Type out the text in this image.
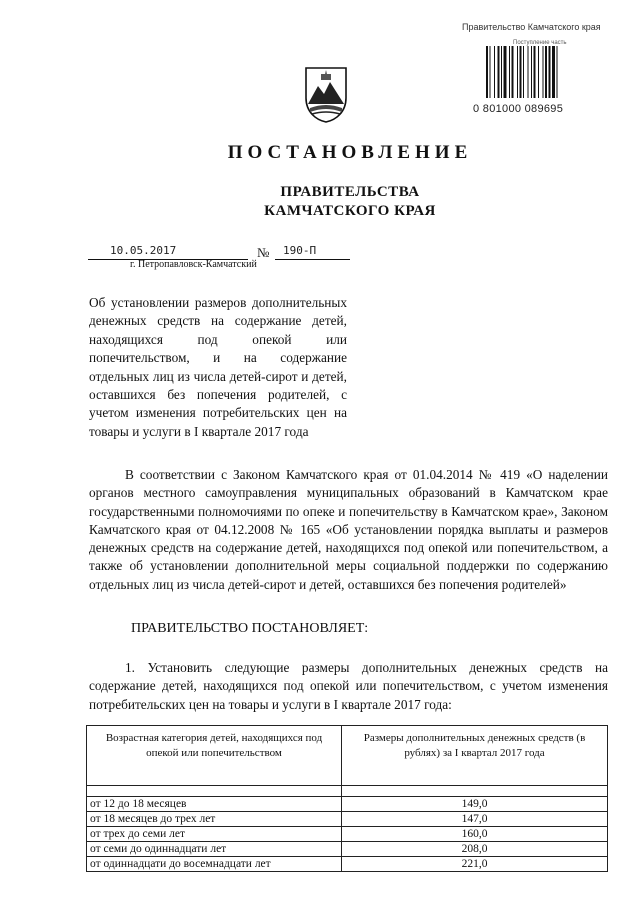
Правительство Камчатского края
Поступление часть
0 801000 089695
ПОСТАНОВЛЕНИЕ
ПРАВИТЕЛЬСТВА
КАМЧАТСКОГО КРАЯ
10.05.2017	№ 190-П
г. Петропавловск-Камчатский
Об установлении размеров дополнительных денежных средств на содержание детей, находящихся под опекой или попечительством, и на содержание отдельных лиц из числа детей-сирот и детей, оставшихся без попечения родителей, с учетом изменения потребительских цен на товары и услуги в I квартале 2017 года
В соответствии с Законом Камчатского края от 01.04.2014 № 419 «О наделении органов местного самоуправления муниципальных образований в Камчатском крае государственными полномочиями по опеке и попечительству в Камчатском крае», Законом Камчатского края от 04.12.2008 № 165 «Об установлении порядка выплаты и размеров денежных средств на содержание детей, находящихся под опекой или попечительством, а также об установлении дополнительной меры социальной поддержки по содержанию отдельных лиц из числа детей-сирот и детей, оставшихся без попечения родителей»
ПРАВИТЕЛЬСТВО ПОСТАНОВЛЯЕТ:
1. Установить следующие размеры дополнительных денежных средств на содержание детей, находящихся под опекой или попечительством, с учетом изменения потребительских цен на товары и услуги в I квартале 2017 года:
Возрастная категория детей, находящихся под опекой или попечительством	Размеры дополнительных денежных средств (в рублях) за I квартал 2017 года

от 12 до 18 месяцев	149,0
от 18 месяцев до трех лет	147,0
от трех до семи лет	160,0
от семи до одиннадцати лет	208,0
от одиннадцати до восемнадцати лет	221,0
